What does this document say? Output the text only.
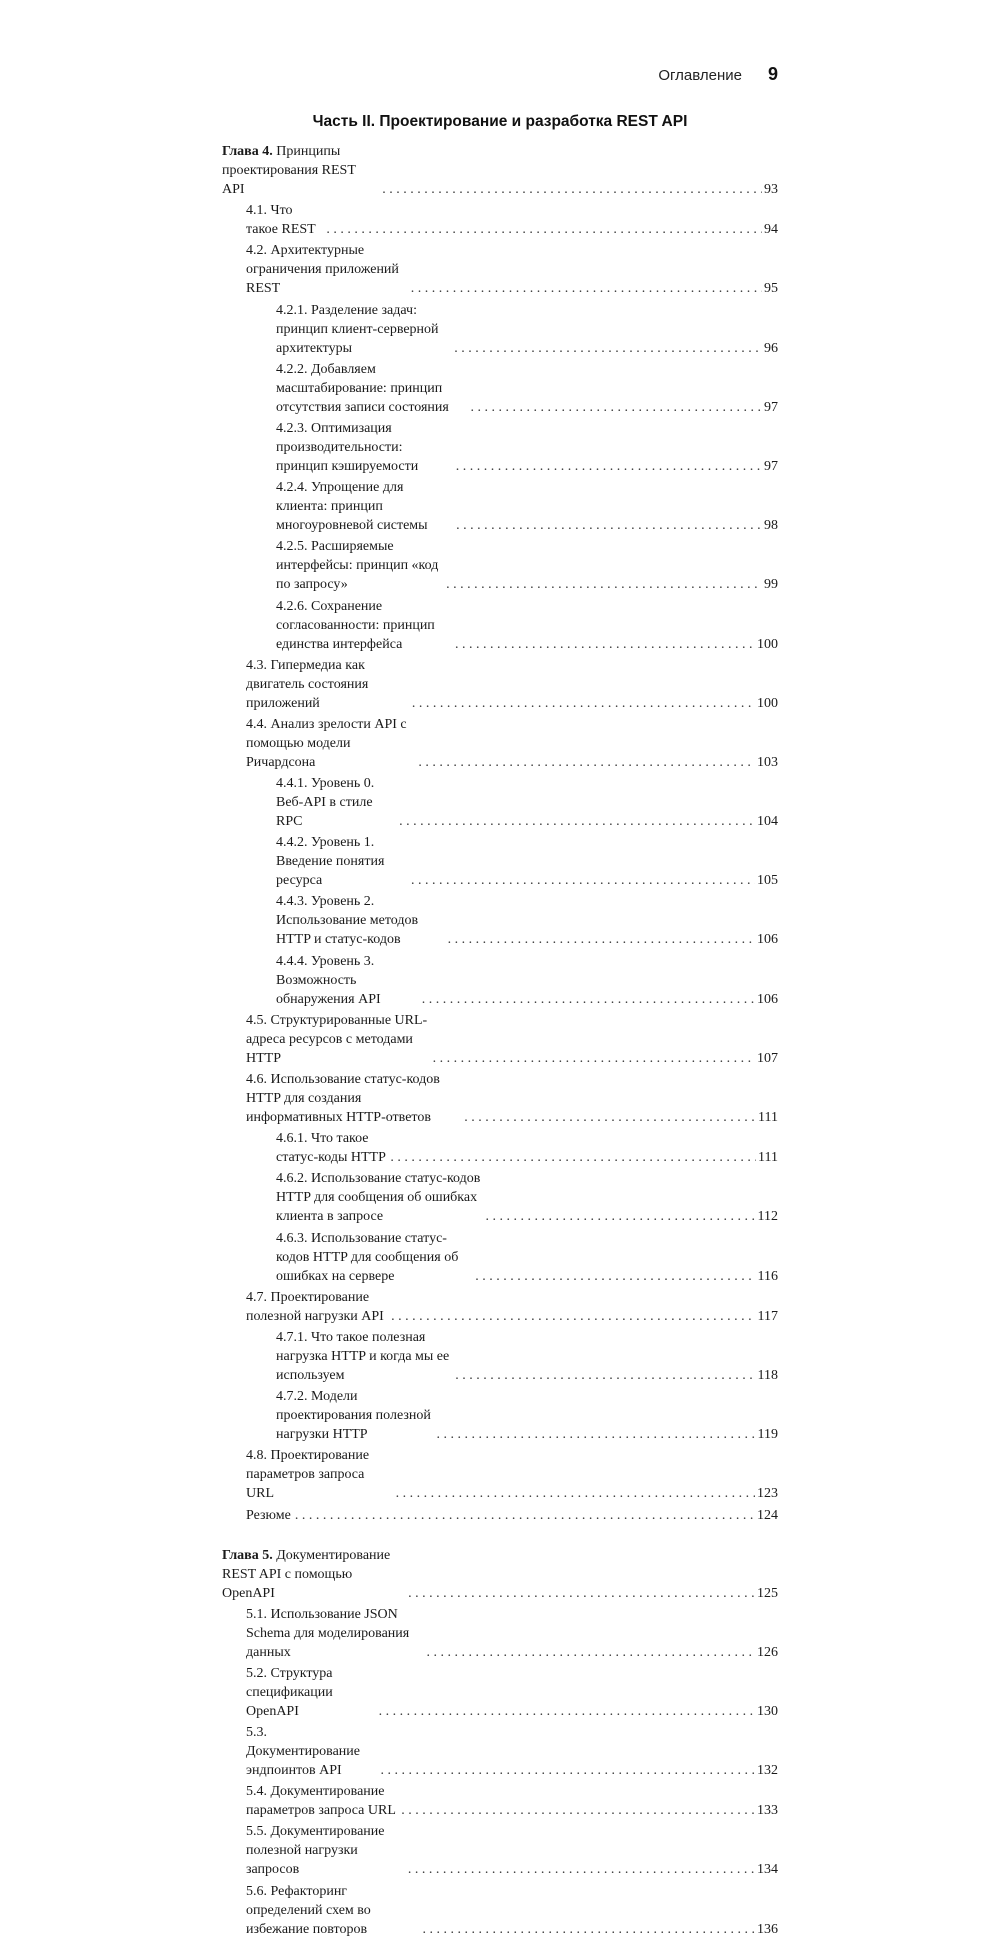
Оглавление 9
Часть II. Проектирование и разработка REST API
Глава 4. Принципы проектирования REST API . . .	93
4.1. Что такое REST . . .	94
4.2. Архитектурные ограничения приложений REST . . .	95
4.2.1. Разделение задач: принцип клиент-серверной архитектуры . . .	96
4.2.2. Добавляем масштабирование: принцип отсутствия записи состояния . . .	97
4.2.3. Оптимизация производительности: принцип кэшируемости . . .	97
4.2.4. Упрощение для клиента: принцип многоуровневой системы . . .	98
4.2.5. Расширяемые интерфейсы: принцип «код по запросу» . . .	99
4.2.6. Сохранение согласованности: принцип единства интерфейса . . .	100
4.3. Гипермедиа как двигатель состояния приложений . . .	100
4.4. Анализ зрелости API с помощью модели Ричардсона . . .	103
4.4.1. Уровень 0. Веб-API в стиле RPC . . .	104
4.4.2. Уровень 1. Введение понятия ресурса . . .	105
4.4.3. Уровень 2. Использование методов HTTP и статус-кодов . . .	106
4.4.4. Уровень 3. Возможность обнаружения API . . .	106
4.5. Структурированные URL-адреса ресурсов с методами HTTP . . .	107
4.6. Использование статус-кодов HTTP для создания информативных HTTP-ответов . . .	111
4.6.1. Что такое статус-коды HTTP . . .	111
4.6.2. Использование статус-кодов HTTP для сообщения об ошибках клиента в запросе . . .	112
4.6.3. Использование статус-кодов HTTP для сообщения об ошибках на сервере . . .	116
4.7. Проектирование полезной нагрузки API . . .	117
4.7.1. Что такое полезная нагрузка HTTP и когда мы ее используем . . .	118
4.7.2. Модели проектирования полезной нагрузки HTTP . . .	119
4.8. Проектирование параметров запроса URL . . .	123
Резюме . . .	124
Глава 5. Документирование REST API с помощью OpenAPI . . .	125
5.1. Использование JSON Schema для моделирования данных . . .	126
5.2. Структура спецификации OpenAPI . . .	130
5.3. Документирование эндпоинтов API . . .	132
5.4. Документирование параметров запроса URL . . .	133
5.5. Документирование полезной нагрузки запросов . . .	134
5.6. Рефакторинг определений схем во избежание повторов . . .	136
